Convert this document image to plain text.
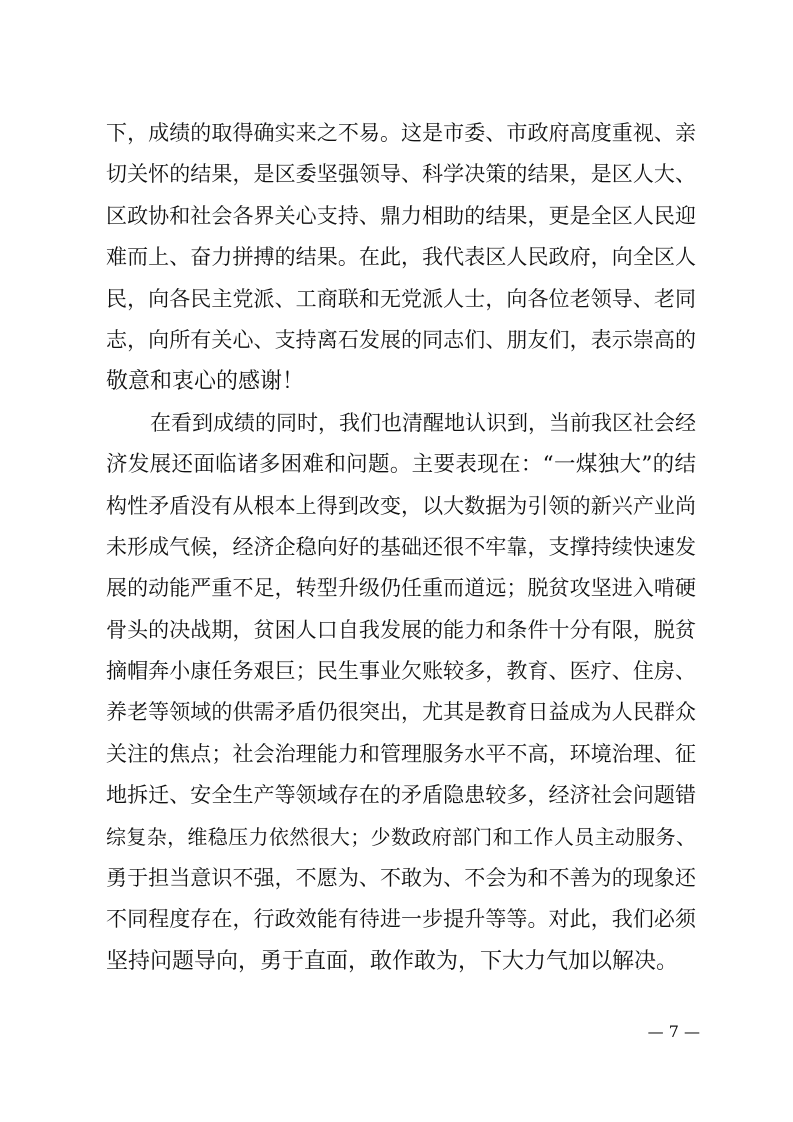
下，成绩的取得确实来之不易。这是市委、市政府高度重视、亲
切关怀的结果，是区委坚强领导、科学决策的结果，是区人大、
区政协和社会各界关心支持、鼎力相助的结果，更是全区人民迎
难而上、奋力拼搏的结果。在此，我代表区人民政府，向全区人
民，向各民主党派、工商联和无党派人士，向各位老领导、老同
志，向所有关心、支持离石发展的同志们、朋友们，表示崇高的
敬意和衷心的感谢！
在看到成绩的同时，我们也清醒地认识到，当前我区社会经
济发展还面临诸多困难和问题。主要表现在：“一煤独大”的结
构性矛盾没有从根本上得到改变，以大数据为引领的新兴产业尚
未形成气候，经济企稳向好的基础还很不牢靠，支撑持续快速发
展的动能严重不足，转型升级仍任重而道远；脱贫攻坚进入啃硬
骨头的决战期，贫困人口自我发展的能力和条件十分有限，脱贫
摘帽奔小康任务艰巨；民生事业欠账较多，教育、医疗、住房、
养老等领域的供需矛盾仍很突出，尤其是教育日益成为人民群众
关注的焦点；社会治理能力和管理服务水平不高，环境治理、征
地拆迁、安全生产等领域存在的矛盾隐患较多，经济社会问题错
综复杂，维稳压力依然很大；少数政府部门和工作人员主动服务、
勇于担当意识不强，不愿为、不敢为、不会为和不善为的现象还
不同程度存在，行政效能有待进一步提升等等。对此，我们必须
坚持问题导向，勇于直面，敢作敢为，下大力气加以解决。
— 7 —
